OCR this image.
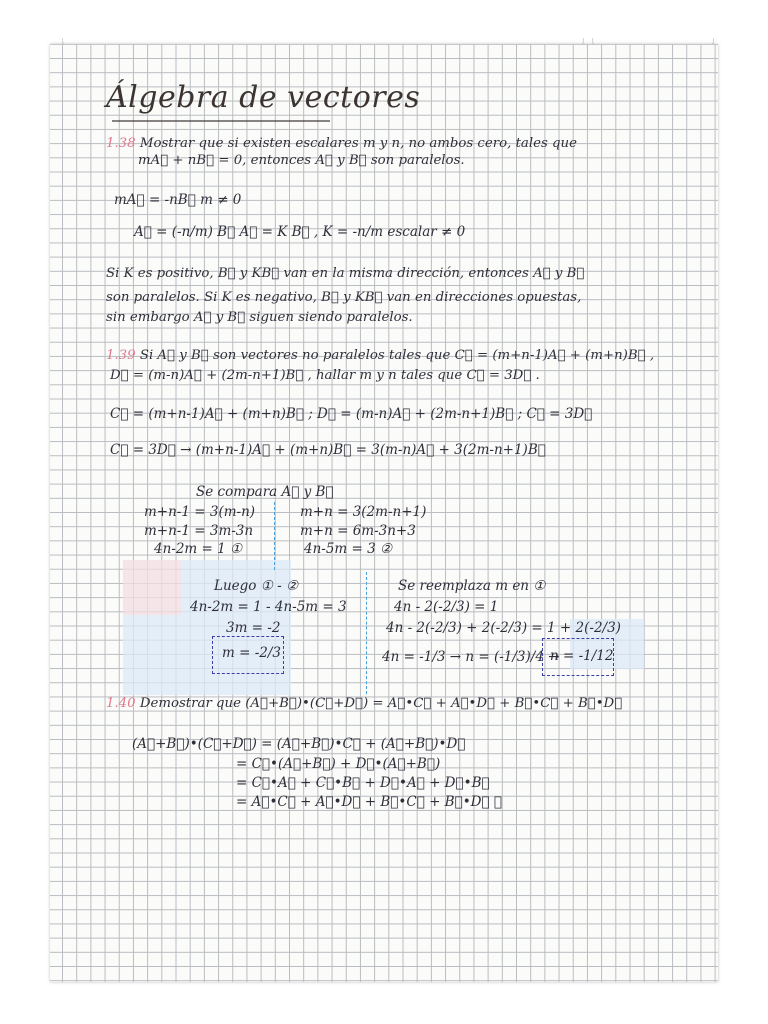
Álgebra de vectores
1.38 Mostrar que si existen escalares m y n, no ambos cero, tales que
mA⃗ + nB⃗ = 0, entonces A⃗ y B⃗ son paralelos.
mA⃗ = -nB⃗ m ≠ 0
A⃗ = (-n/m) B⃗ A⃗ = K B⃗ , K = -n/m escalar ≠ 0
Si K es positivo, B⃗ y KB⃗ van en la misma dirección, entonces A⃗ y B⃗
son paralelos. Si K es negativo, B⃗ y KB⃗ van en direcciones opuestas,
sin embargo A⃗ y B⃗ siguen siendo paralelos.
1.39 Si A⃗ y B⃗ son vectores no paralelos tales que C⃗ = (m+n-1)A⃗ + (m+n)B⃗ ,
D⃗ = (m-n)A⃗ + (2m-n+1)B⃗ , hallar m y n tales que C⃗ = 3D⃗ .
C⃗ = (m+n-1)A⃗ + (m+n)B⃗ ; D⃗ = (m-n)A⃗ + (2m-n+1)B⃗ ; C⃗ = 3D⃗
C⃗ = 3D⃗ → (m+n-1)A⃗ + (m+n)B⃗ = 3(m-n)A⃗ + 3(2m-n+1)B⃗
Se compara A⃗ y B⃗
m+n-1 = 3(m-n)
m+n-1 = 3m-3n
4n-2m = 1 ①
m+n = 3(2m-n+1)
m+n = 6m-3n+3
4n-5m = 3 ②
Luego ① - ②
4n-2m = 1 - 4n-5m = 3
3m = -2
m = -2/3
Se reemplaza m en ①
4n - 2(-2/3) = 1
4n - 2(-2/3) + 2(-2/3) = 1 + 2(-2/3)
4n = -1/3 → n = (-1/3)/4 →
n = -1/12
1.40 Demostrar que (A⃗+B⃗)•(C⃗+D⃗) = A⃗•C⃗ + A⃗•D⃗ + B⃗•C⃗ + B⃗•D⃗
(A⃗+B⃗)•(C⃗+D⃗) = (A⃗+B⃗)•C⃗ + (A⃗+B⃗)•D⃗
= C⃗•(A⃗+B⃗) + D⃗•(A⃗+B⃗)
= C⃗•A⃗ + C⃗•B⃗ + D⃗•A⃗ + D⃗•B⃗
= A⃗•C⃗ + A⃗•D⃗ + B⃗•C⃗ + B⃗•D⃗ ✓
